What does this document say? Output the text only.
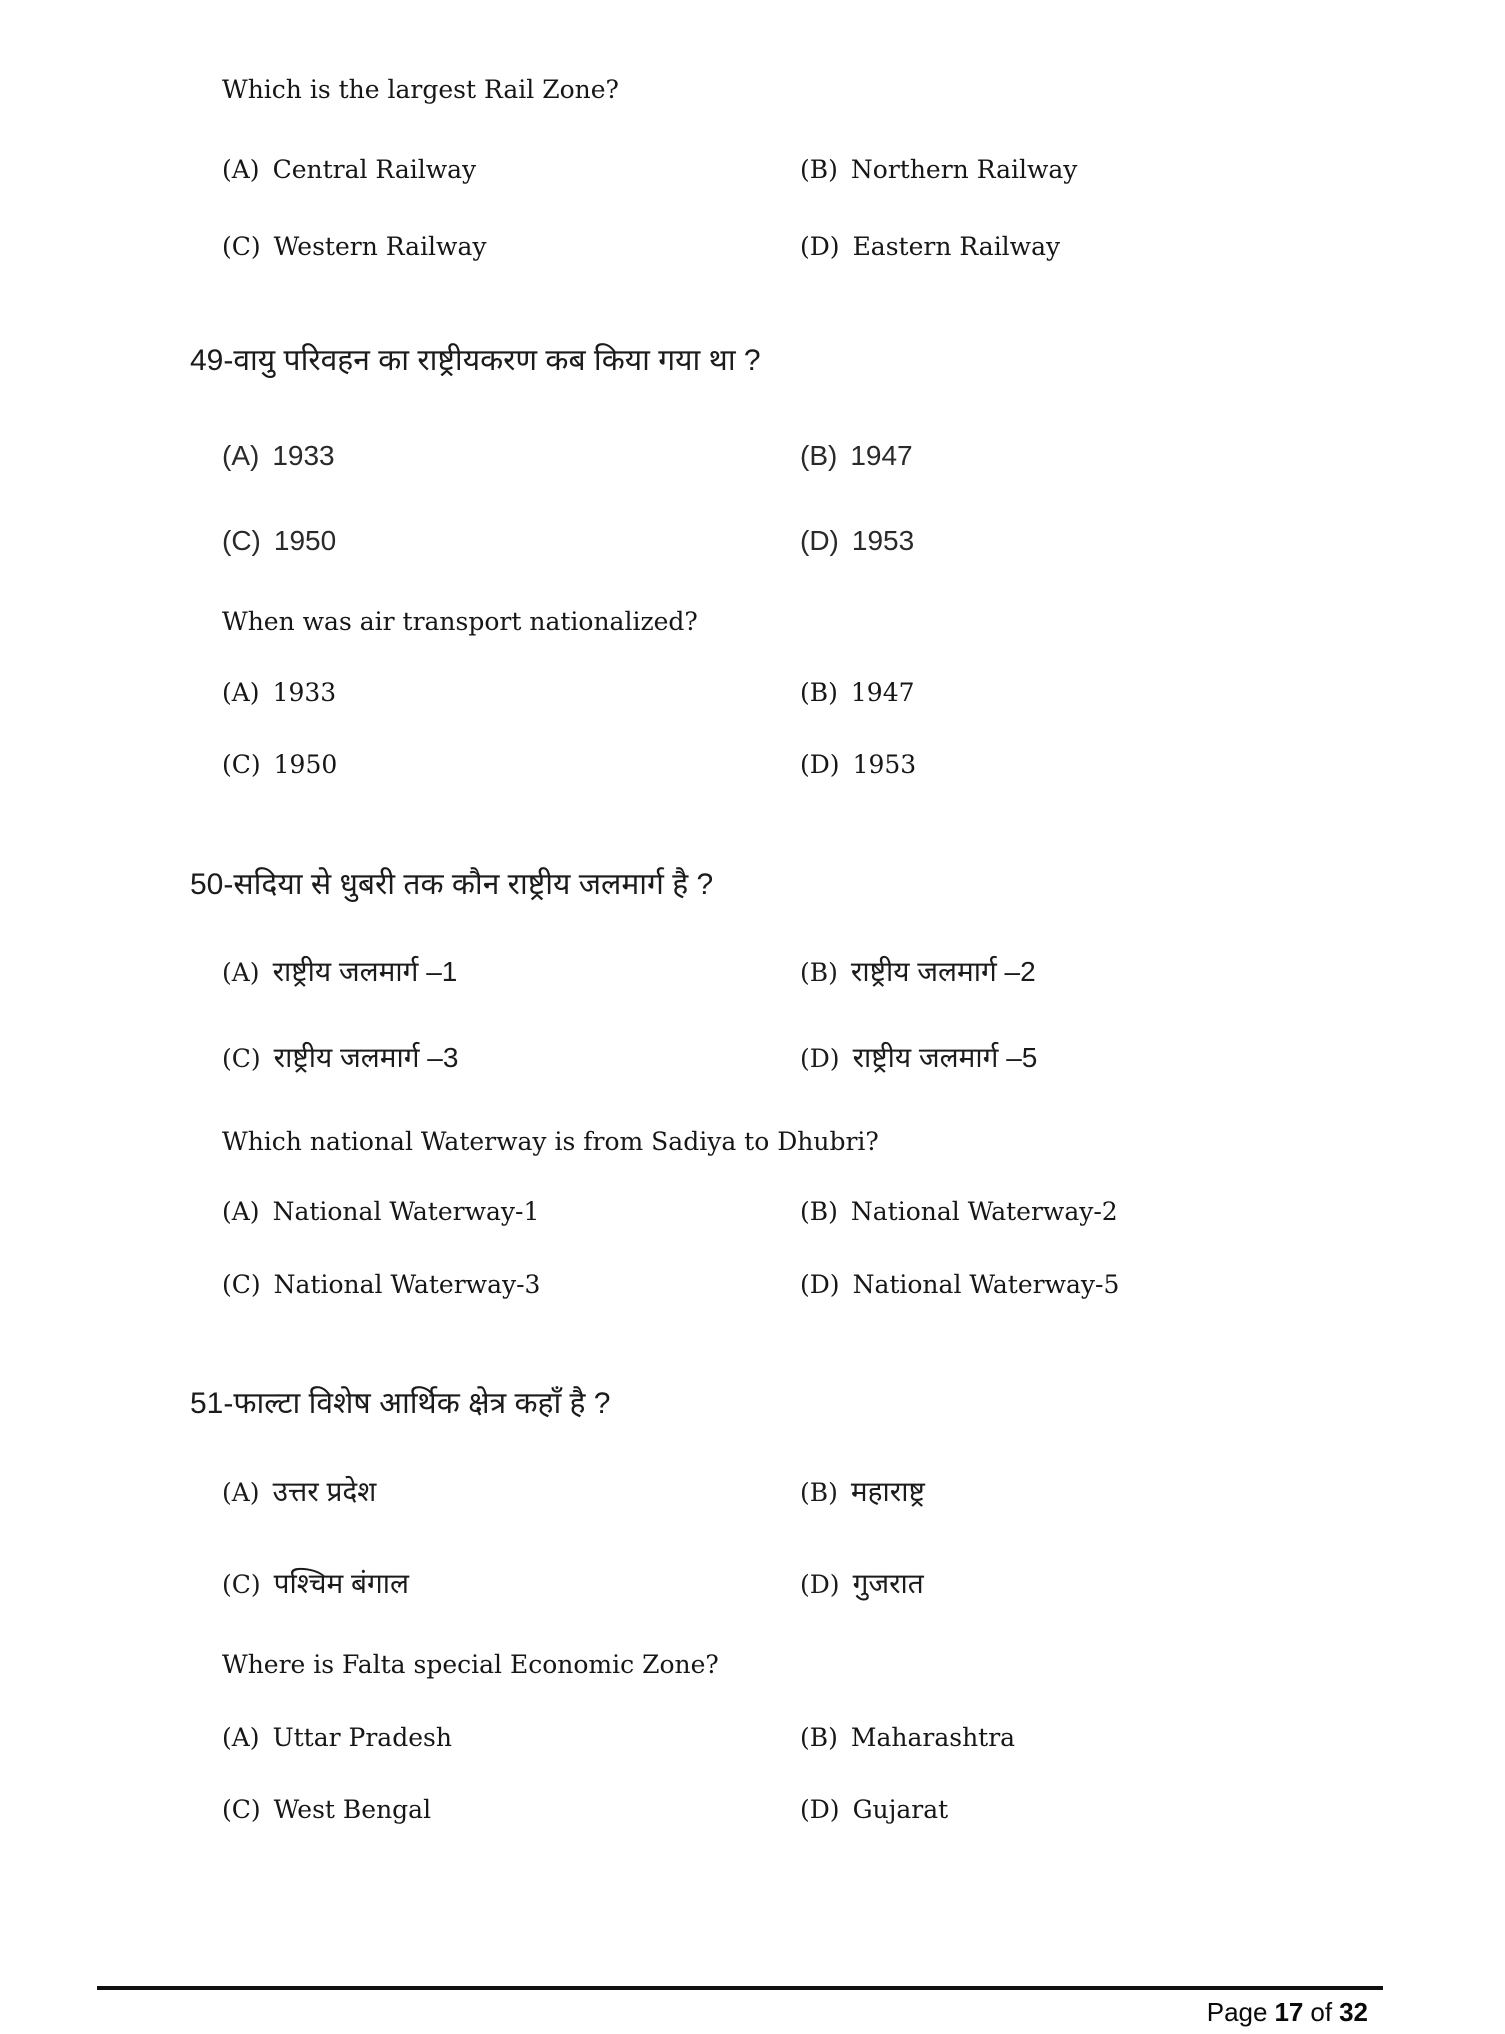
Which is the largest Rail Zone?
(A) Central Railway	(B) Northern Railway
(C) Western Railway	(D) Eastern Railway
49-वायु परिवहन का राष्ट्रीयकरण कब किया गया था ?
(A) 1933	(B) 1947
(C) 1950	(D) 1953
When was air transport nationalized?
(A) 1933	(B) 1947
(C) 1950	(D) 1953
50-सदिया से धुबरी तक कौन राष्ट्रीय जलमार्ग है ?
(A) राष्ट्रीय जलमार्ग –1	(B) राष्ट्रीय जलमार्ग –2
(C) राष्ट्रीय जलमार्ग –3	(D) राष्ट्रीय जलमार्ग –5
Which national Waterway is from Sadiya to Dhubri?
(A) National Waterway-1	(B) National Waterway-2
(C) National Waterway-3	(D) National Waterway-5
51-फाल्टा विशेष आर्थिक क्षेत्र कहाँ है ?
(A) उत्तर प्रदेश	(B) महाराष्ट्र
(C) पश्चिम बंगाल	(D) गुजरात
Where is Falta special Economic Zone?
(A) Uttar Pradesh	(B) Maharashtra
(C) West Bengal	(D) Gujarat
Page 17 of 32
